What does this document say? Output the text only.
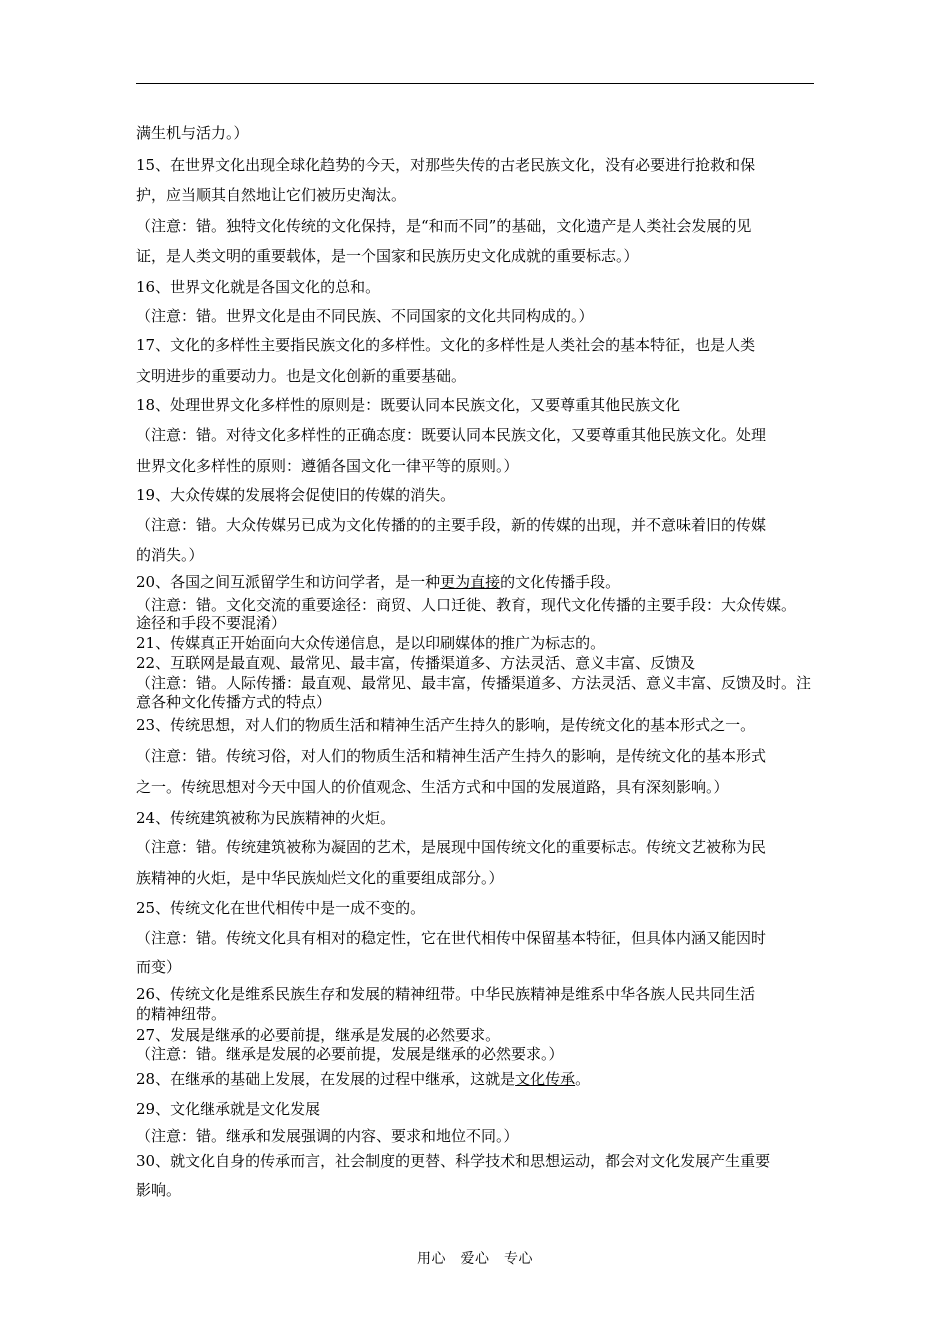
满生机与活力。）
15、在世界文化出现全球化趋势的今天，对那些失传的古老民族文化，没有必要进行抢救和保
护，应当顺其自然地让它们被历史淘汰。
（注意：错。独特文化传统的文化保持，是“和而不同”的基础，文化遗产是人类社会发展的见
证，是人类文明的重要载体，是一个国家和民族历史文化成就的重要标志。）
16、世界文化就是各国文化的总和。
（注意：错。世界文化是由不同民族、不同国家的文化共同构成的。）
17、文化的多样性主要指民族文化的多样性。文化的多样性是人类社会的基本特征，也是人类
文明进步的重要动力。也是文化创新的重要基础。
18、处理世界文化多样性的原则是：既要认同本民族文化，又要尊重其他民族文化
（注意：错。对待文化多样性的正确态度：既要认同本民族文化，又要尊重其他民族文化。处理
世界文化多样性的原则：遵循各国文化一律平等的原则。）
19、大众传媒的发展将会促使旧的传媒的消失。
（注意：错。大众传媒另已成为文化传播的的主要手段，新的传媒的出现，并不意味着旧的传媒
的消失。）
20、各国之间互派留学生和访问学者，是一种更为直接的文化传播手段。
（注意：错。文化交流的重要途径：商贸、人口迁徙、教育，现代文化传播的主要手段：大众传媒。
途径和手段不要混淆）
21、传媒真正开始面向大众传递信息，是以印刷媒体的推广为标志的。
22、互联网是最直观、最常见、最丰富，传播渠道多、方法灵活、意义丰富、反馈及
（注意：错。人际传播：最直观、最常见、最丰富，传播渠道多、方法灵活、意义丰富、反馈及时。注
意各种文化传播方式的特点）
23、传统思想，对人们的物质生活和精神生活产生持久的影响，是传统文化的基本形式之一。
（注意：错。传统习俗，对人们的物质生活和精神生活产生持久的影响，是传统文化的基本形式
之一。传统思想对今天中国人的价值观念、生活方式和中国的发展道路，具有深刻影响。）
24、传统建筑被称为民族精神的火炬。
（注意：错。传统建筑被称为凝固的艺术，是展现中国传统文化的重要标志。传统文艺被称为民
族精神的火炬，是中华民族灿烂文化的重要组成部分。）
25、传统文化在世代相传中是一成不变的。
（注意：错。传统文化具有相对的稳定性，它在世代相传中保留基本特征，但具体内涵又能因时
而变）
26、传统文化是维系民族生存和发展的精神纽带。中华民族精神是维系中华各族人民共同生活
的精神纽带。
27、发展是继承的必要前提，继承是发展的必然要求。
（注意：错。继承是发展的必要前提，发展是继承的必然要求。）
28、在继承的基础上发展，在发展的过程中继承，这就是文化传承。
29、文化继承就是文化发展
（注意：错。继承和发展强调的内容、要求和地位不同。）
30、就文化自身的传承而言，社会制度的更替、科学技术和思想运动，都会对文化发展产生重要
影响。
用心　爱心　专心
